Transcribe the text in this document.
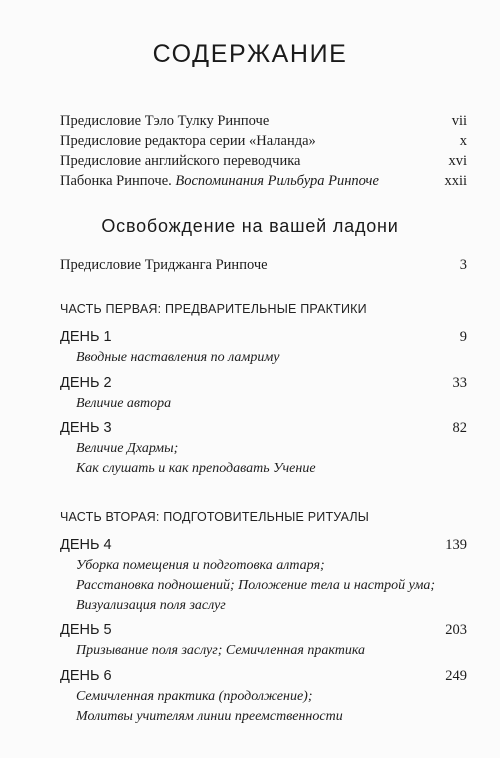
СОДЕРЖАНИЕ
Предисловие Тэло Тулку Ринпоче	vii
Предисловие редактора серии «Наланда»	x
Предисловие английского переводчика	xvi
Пабонка Ринпоче. Воспоминания Рильбура Ринпоче	xxii
Освобождение на вашей ладони
Предисловие Триджанга Ринпоче	3
ЧАСТЬ ПЕРВАЯ: ПРЕДВАРИТЕЛЬНЫЕ ПРАКТИКИ
ДЕНЬ 1	9
Вводные наставления по ламриму
ДЕНЬ 2	33
Величие автора
ДЕНЬ 3	82
Величие Дхармы;
Как слушать и как преподавать Учение
ЧАСТЬ ВТОРАЯ: ПОДГОТОВИТЕЛЬНЫЕ РИТУАЛЫ
ДЕНЬ 4	139
Уборка помещения и подготовка алтаря;
Расстановка подношений; Положение тела и настрой ума;
Визуализация поля заслуг
ДЕНЬ 5	203
Призывание поля заслуг; Семичленная практика
ДЕНЬ 6	249
Семичленная практика (продолжение);
Молитвы учителям линии преемственности
